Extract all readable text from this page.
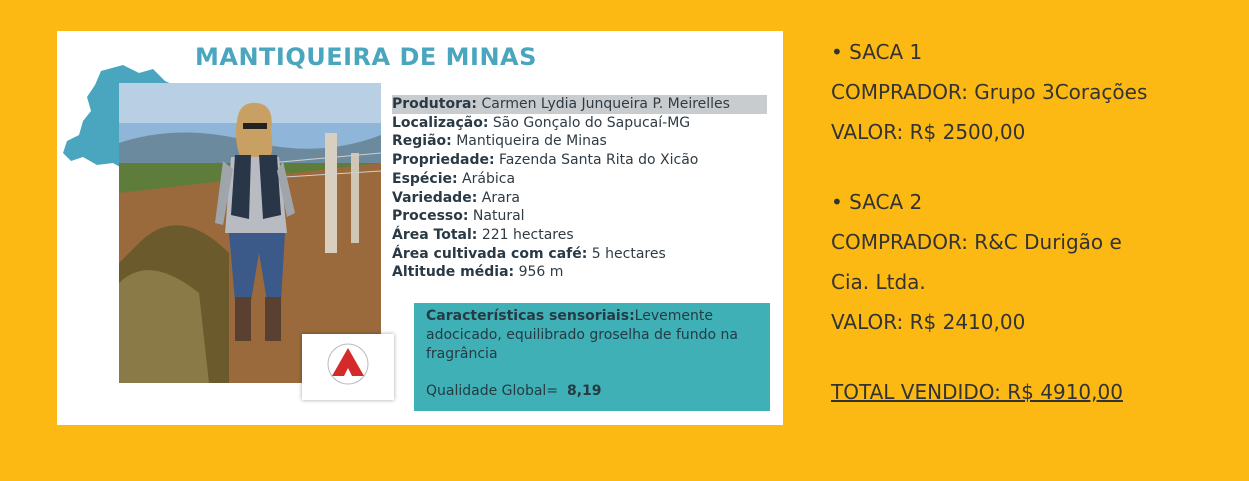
MANTIQUEIRA DE MINAS
Produtora: Carmen Lydia Junqueira P. Meirelles
Localização: São Gonçalo do Sapucaí-MG
Região: Mantiqueira de Minas
Propriedade: Fazenda Santa Rita do Xicão
Espécie: Arábica
Variedade: Arara
Processo: Natural
Área Total: 221 hectares
Área cultivada com café: 5 hectares
Altitude média: 956 m
Características sensoriais:Levemente adocicado, equilibrado groselha de fundo na fragrância
Qualidade Global= 8,19
• SACA 1
COMPRADOR: Grupo 3Corações
VALOR: R$ 2500,00
• SACA 2
COMPRADOR: R&C Durigão e
Cia. Ltda.
VALOR: R$ 2410,00
TOTAL VENDIDO: R$ 4910,00
